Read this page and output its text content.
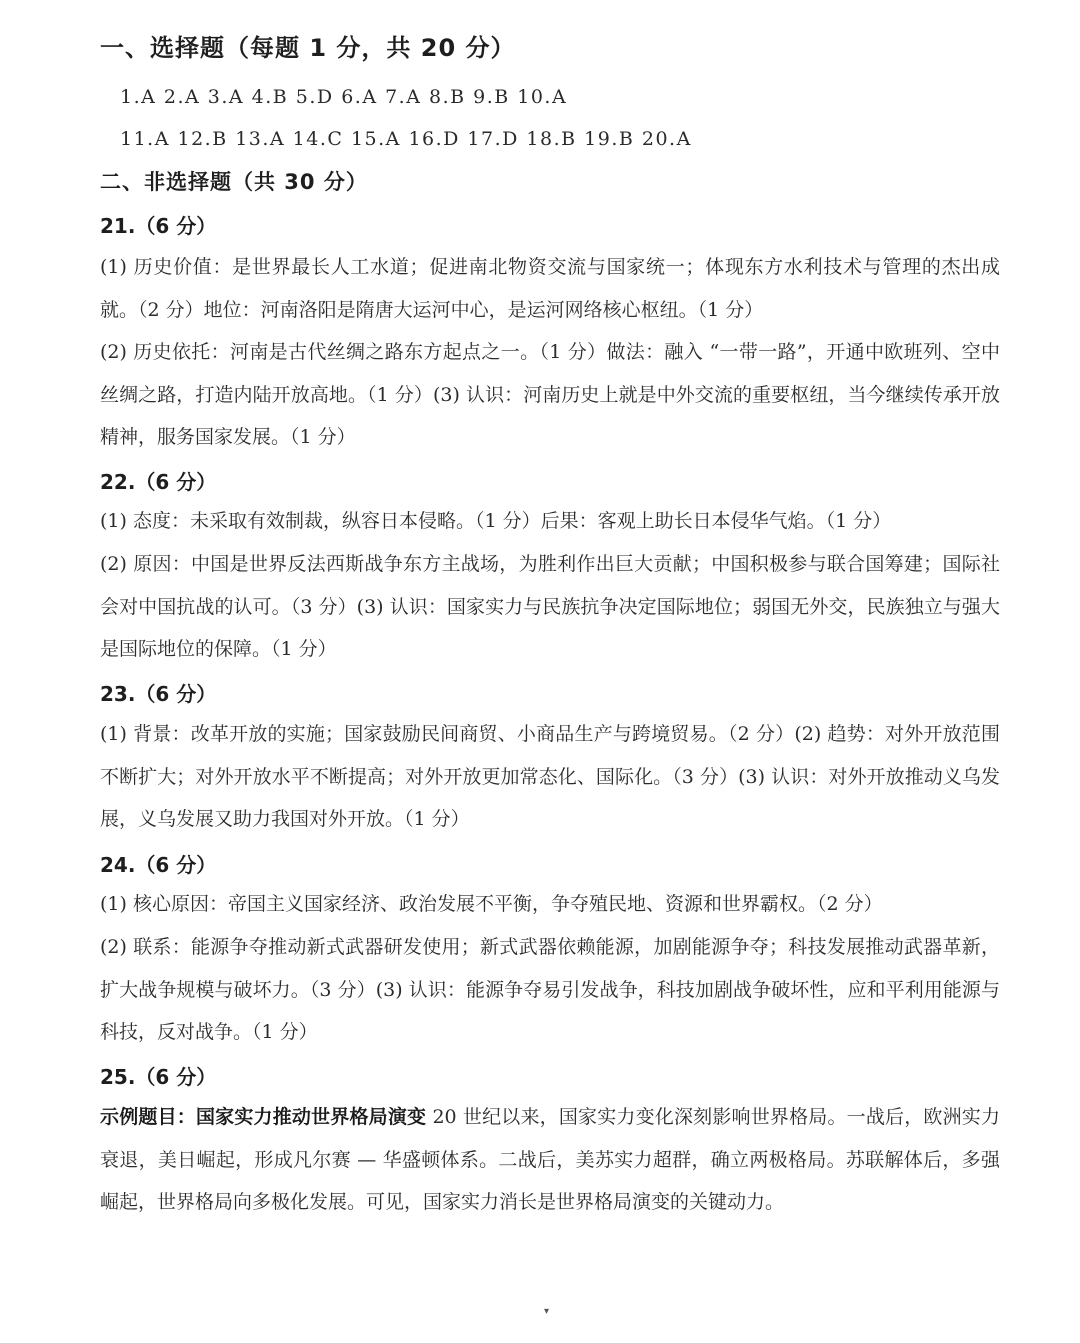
一、选择题（每题 1 分，共 20 分）
1.A 2.A 3.A 4.B 5.D 6.A 7.A 8.B 9.B 10.A
11.A 12.B 13.A 14.C 15.A 16.D 17.D 18.B 19.B 20.A
二、非选择题（共 30 分）
21.（6 分）
(1) 历史价值：是世界最长人工水道；促进南北物资交流与国家统一；体现东方水利技术与管理的杰出成就。（2 分）地位：河南洛阳是隋唐大运河中心，是运河网络核心枢纽。（1 分）
(2) 历史依托：河南是古代丝绸之路东方起点之一。（1 分）做法：融入 “一带一路”，开通中欧班列、空中丝绸之路，打造内陆开放高地。（1 分）(3) 认识：河南历史上就是中外交流的重要枢纽，当今继续传承开放精神，服务国家发展。（1 分）
22.（6 分）
(1) 态度：未采取有效制裁，纵容日本侵略。（1 分）后果：客观上助长日本侵华气焰。（1 分）
(2) 原因：中国是世界反法西斯战争东方主战场，为胜利作出巨大贡献；中国积极参与联合国筹建；国际社会对中国抗战的认可。（3 分）(3) 认识：国家实力与民族抗争决定国际地位；弱国无外交，民族独立与强大是国际地位的保障。（1 分）
23.（6 分）
(1) 背景：改革开放的实施；国家鼓励民间商贸、小商品生产与跨境贸易。（2 分）(2) 趋势：对外开放范围不断扩大；对外开放水平不断提高；对外开放更加常态化、国际化。（3 分）(3) 认识：对外开放推动义乌发展，义乌发展又助力我国对外开放。（1 分）
24.（6 分）
(1) 核心原因：帝国主义国家经济、政治发展不平衡，争夺殖民地、资源和世界霸权。（2 分）
(2) 联系：能源争夺推动新式武器研发使用；新式武器依赖能源，加剧能源争夺；科技发展推动武器革新，扩大战争规模与破坏力。（3 分）(3) 认识：能源争夺易引发战争，科技加剧战争破坏性，应和平利用能源与科技，反对战争。（1 分）
25.（6 分）
示例题目：国家实力推动世界格局演变 20 世纪以来，国家实力变化深刻影响世界格局。一战后，欧洲实力衰退，美日崛起，形成凡尔赛 — 华盛顿体系。二战后，美苏实力超群，确立两极格局。苏联解体后，多强崛起，世界格局向多极化发展。可见，国家实力消长是世界格局演变的关键动力。
▾
